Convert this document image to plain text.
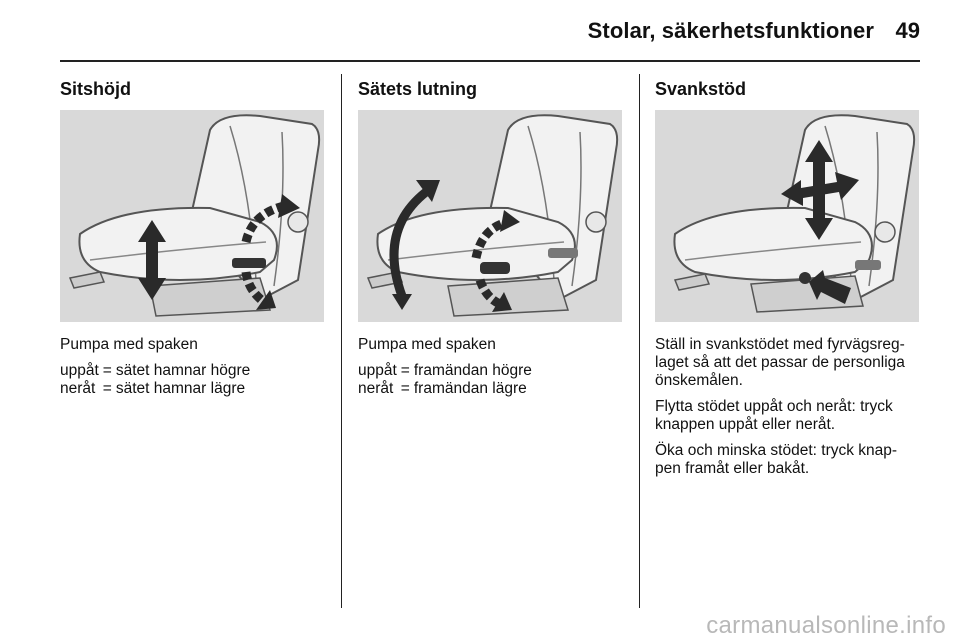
Stolar, säkerhetsfunktioner 49
Sitshöjd
Pumpa med spaken
uppåt	=	sätet hamnar högre
neråt	=	sätet hamnar lägre
Sätets lutning
Pumpa med spaken
uppåt	=	framändan högre
neråt	=	framändan lägre
Svankstöd
Ställ in svankstödet med fyrvägsreg-laget så att det passar de personliga önskemålen.
Flytta stödet uppåt och neråt: tryck knappen uppåt eller neråt.
Öka och minska stödet: tryck knap-pen framåt eller bakåt.
carmanualsonline.info
